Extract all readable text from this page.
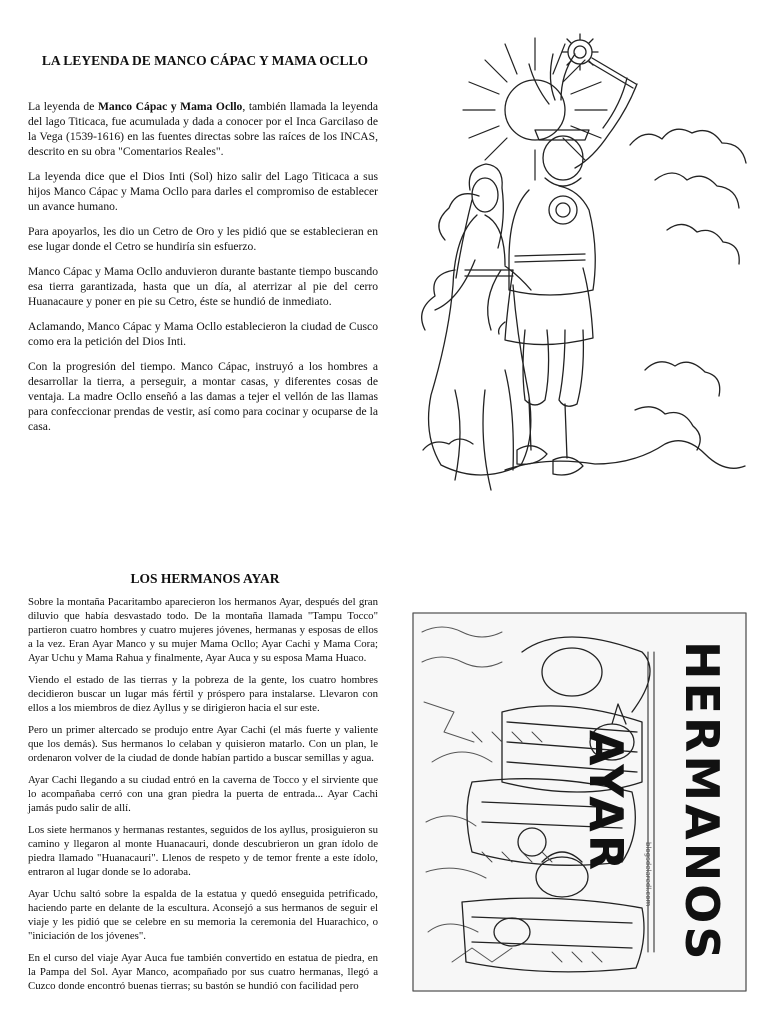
LA LEYENDA DE MANCO CÁPAC Y MAMA OCLLO

La leyenda de Manco Cápac y Mama Ocllo, también llamada la leyenda del lago Titicaca, fue acumulada y dada a conocer por el Inca Garcilaso de la Vega (1539-1616) en las fuentes directas sobre las raíces de los INCAS, descrito en su obra "Comentarios Reales".

La leyenda dice que el Dios Inti (Sol) hizo salir del Lago Titicaca a sus hijos Manco Cápac y Mama Ocllo para darles el compromiso de establecer un avance humano.

Para apoyarlos, les dio un Cetro de Oro y les pidió que se establecieran en ese lugar donde el Cetro se hundiría sin esfuerzo.

Manco Cápac y Mama Ocllo anduvieron durante bastante tiempo buscando esa tierra garantizada, hasta que un día, al aterrizar al pie del cerro Huanacaure y poner en pie su Cetro, éste se hundió de inmediato.

Aclamando, Manco Cápac y Mama Ocllo establecieron la ciudad de Cusco como era la petición del Dios Inti.

Con la progresión del tiempo. Manco Cápac, instruyó a los hombres a desarrollar la tierra, a perseguir, a montar casas, y diferentes cosas de ventaja. La madre Ocllo enseñó a las damas a tejer el vellón de las llamas para confeccionar prendas de vestir, así como para cocinar y ocuparse de la casa.

LOS HERMANOS AYAR

Sobre la montaña Pacaritambo aparecieron los hermanos Ayar, después del gran diluvio que había desvastado todo. De la montaña llamada "Tampu Tocco" partieron cuatro hombres y cuatro mujeres jóvenes, hermanas y esposas de ellos a la vez. Eran Ayar Manco y su mujer Mama Ocllo; Ayar Cachi y Mama Cora; Ayar Uchu y Mama Rahua y finalmente, Ayar Auca y su esposa Mama Huaco.

Viendo el estado de las tierras y la pobreza de la gente, los cuatro hombres decidieron buscar un lugar más fértil y próspero para instalarse. Llevaron con ellos a los miembros de diez Ayllus y se dirigieron hacia el sur este.

Pero un primer altercado se produjo entre Ayar Cachi (el más fuerte y valiente que los demás). Sus hermanos lo celaban y quisieron matarlo. Con un plan, le ordenaron volver de la ciudad de donde habían partido a buscar semillas y agua.

Ayar Cachi llegando a su ciudad entró en la caverna de Tocco y el sirviente que lo acompañaba cerró con una gran piedra la puerta de entrada... Ayar Cachi jamás pudo salir de allí.

Los siete hermanos y hermanas restantes, seguidos de los ayllus, prosiguieron su camino y llegaron al monte Huanacauri, donde descubrieron un gran ídolo de piedra llamado "Huanacauri". Llenos de respeto y de temor frente a este ídolo, entraron al lugar donde se lo adoraba.

Ayar Uchu saltó sobre la espalda de la estatua y quedó enseguida petrificado, haciendo parte en delante de la escultura. Aconsejó a sus hermanos de seguir el viaje y les pidió que se celebre en su memoria la ceremonia del Huarachico, o "iniciación de los jóvenes".

En el curso del viaje Ayar Auca fue también convertido en estatua de piedra, en la Pampa del Sol. Ayar Manco, acompañado por sus cuatro hermanas, llegó a Cuzco donde encontró buenas tierras; su bastón se hundió con facilidad pero

HERMANOS AYAR
blogsdelaredl.com
